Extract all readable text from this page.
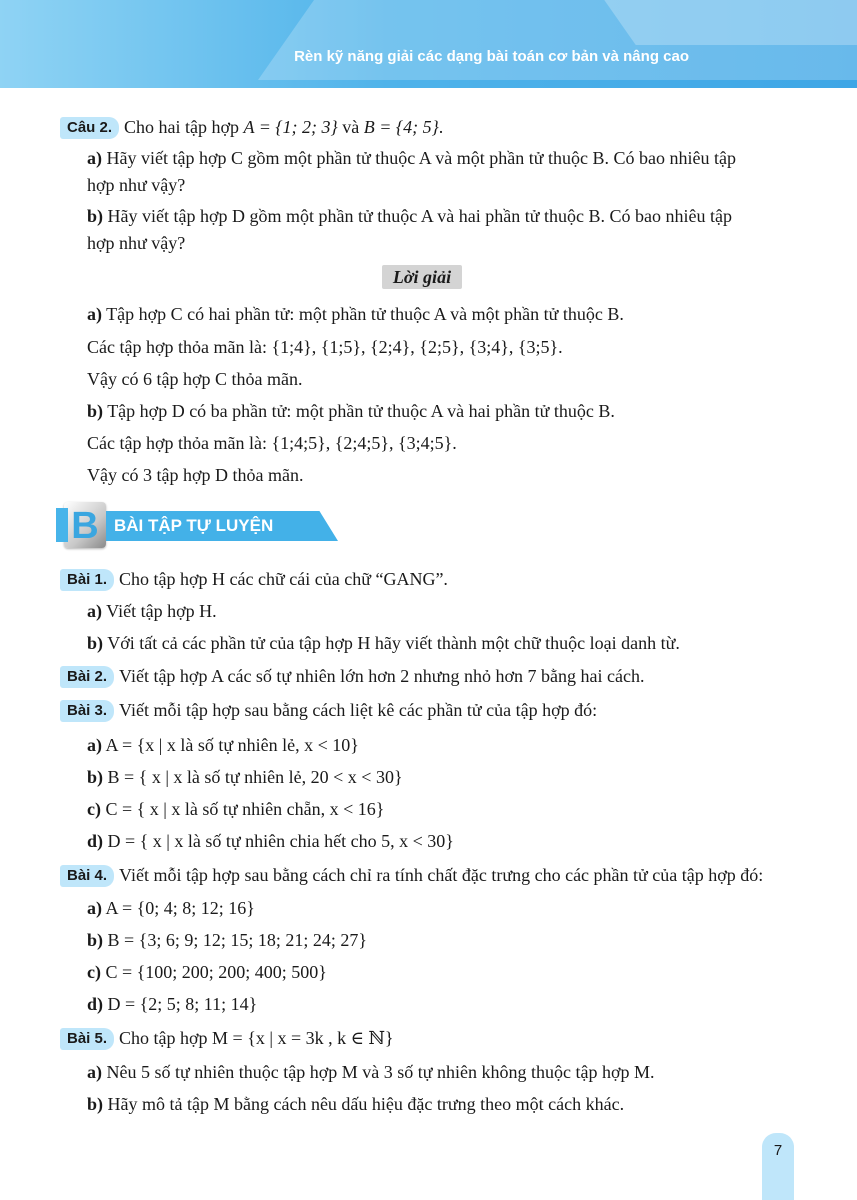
Rèn kỹ năng giải các dạng bài toán cơ bản và nâng cao
Câu 2. Cho hai tập hợp A = {1; 2; 3} và B = {4; 5}.
a) Hãy viết tập hợp C gồm một phần tử thuộc A và một phần tử thuộc B. Có bao nhiêu tập
hợp như vậy?
b) Hãy viết tập hợp D gồm một phần tử thuộc A và hai phần tử thuộc B. Có bao nhiêu tập
hợp như vậy?
Lời giải
a) Tập hợp C có hai phần tử: một phần tử thuộc A và một phần tử thuộc B.
Các tập hợp thỏa mãn là: {1;4}, {1;5}, {2;4}, {2;5}, {3;4}, {3;5}.
Vậy có 6 tập hợp C thỏa mãn.
b) Tập hợp D có ba phần tử: một phần tử thuộc A và hai phần tử thuộc B.
Các tập hợp thỏa mãn là: {1;4;5}, {2;4;5}, {3;4;5}.
Vậy có 3 tập hợp D thỏa mãn.
B BÀI TẬP TỰ LUYỆN
Bài 1. Cho tập hợp H các chữ cái của chữ “GANG”.
a) Viết tập hợp H.
b) Với tất cả các phần tử của tập hợp H hãy viết thành một chữ thuộc loại danh từ.
Bài 2. Viết tập hợp A các số tự nhiên lớn hơn 2 nhưng nhỏ hơn 7 bằng hai cách.
Bài 3. Viết mỗi tập hợp sau bằng cách liệt kê các phần tử của tập hợp đó:
a) A = {x | x là số tự nhiên lẻ, x < 10}
b) B = { x | x là số tự nhiên lẻ, 20 < x < 30}
c) C = { x | x là số tự nhiên chẵn, x < 16}
d) D = { x | x là số tự nhiên chia hết cho 5, x < 30}
Bài 4. Viết mỗi tập hợp sau bằng cách chỉ ra tính chất đặc trưng cho các phần tử của tập hợp đó:
a) A = {0; 4; 8; 12; 16}
b) B = {3; 6; 9; 12; 15; 18; 21; 24; 27}
c) C = {100; 200; 200; 400; 500}
d) D = {2; 5; 8; 11; 14}
Bài 5. Cho tập hợp M = {x | x = 3k , k ∈ ℕ}
a) Nêu 5 số tự nhiên thuộc tập hợp M và 3 số tự nhiên không thuộc tập hợp M.
b) Hãy mô tả tập M bằng cách nêu dấu hiệu đặc trưng theo một cách khác.
7
